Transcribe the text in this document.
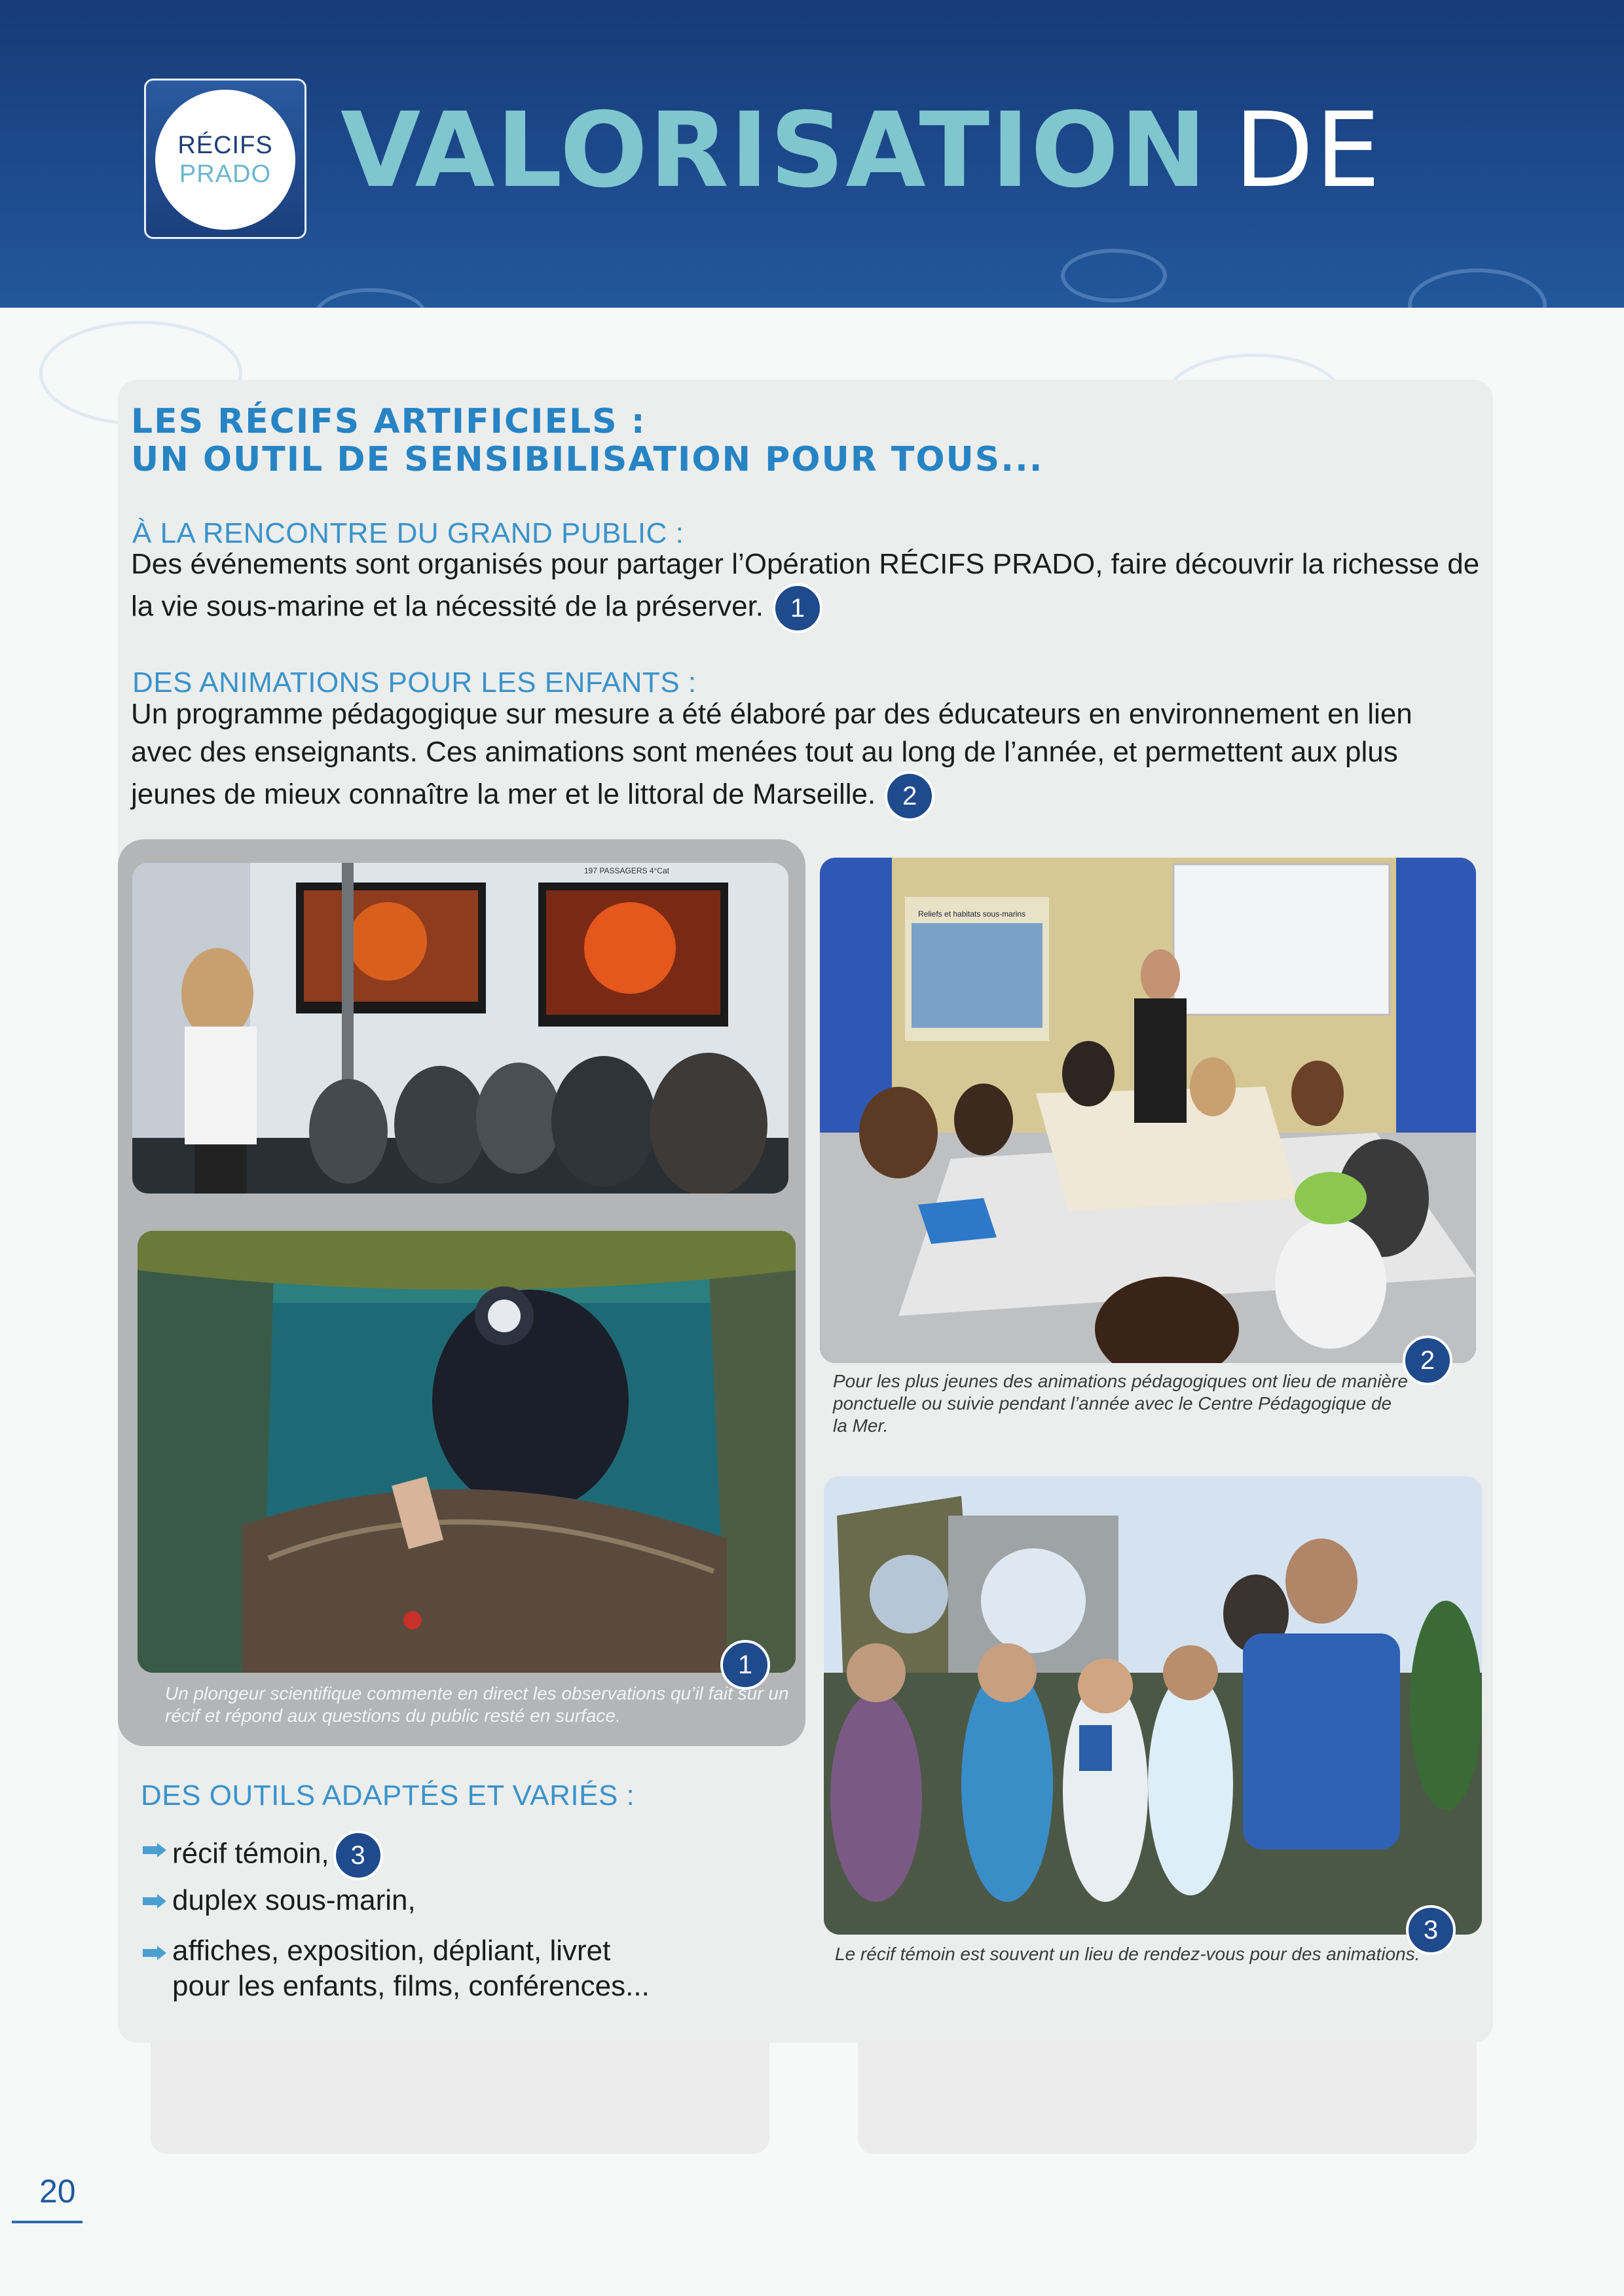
RÉCIFS
PRADO VALORISATION DE
LES RÉCIFS ARTIFICIELS :
UN OUTIL DE SENSIBILISATION POUR TOUS...
À LA RENCONTRE DU GRAND PUBLIC :
Des événements sont organisés pour partager l’Opération RÉCIFS PRADO, faire découvrir la richesse de la vie sous-marine et la nécessité de la préserver. 1
DES ANIMATIONS POUR LES ENFANTS :
Un programme pédagogique sur mesure a été élaboré par des éducateurs en environnement en lien avec des enseignants. Ces animations sont menées tout au long de l’année, et permettent aux plus jeunes de mieux connaître la mer et le littoral de Marseille. 2
197 PASSAGERS 4°Cat
1
Un plongeur scientifique commente en direct les observations qu’il fait sur un récif et répond aux questions du public resté en surface.
Reliefs et habitats sous-marins
2
Pour les plus jeunes des animations pédagogiques ont lieu de manière ponctuelle ou suivie pendant l’année avec le Centre Pédagogique de la Mer.
3
Le récif témoin est souvent un lieu de rendez-vous pour des animations.
DES OUTILS ADAPTÉS ET VARIÉS :
récif témoin, 3
duplex sous-marin,
affiches, exposition, dépliant, livret
pour les enfants, films, conférences...
20
